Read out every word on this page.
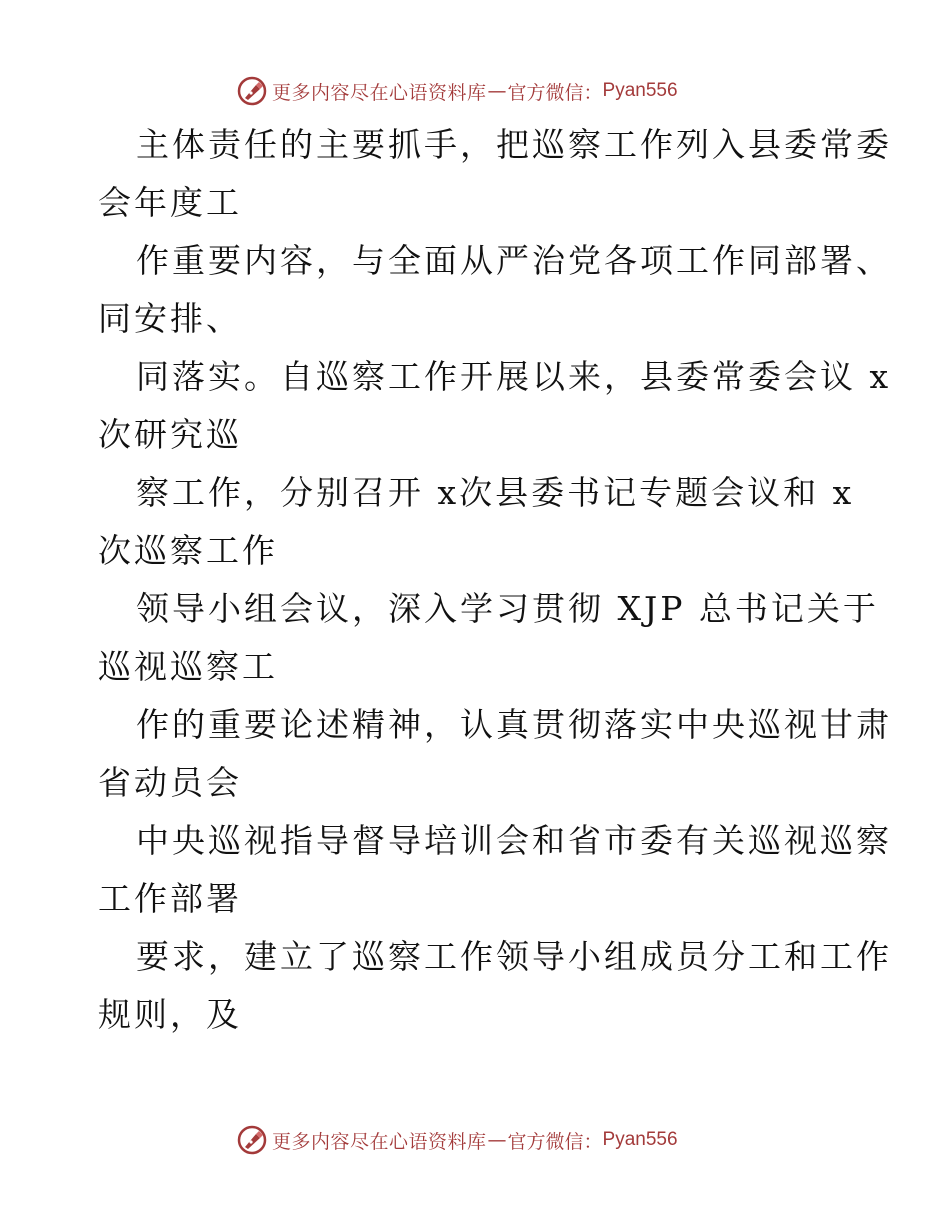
更多内容尽在心语资料库 — 官方微信： Pyan556
主体责任的主要抓手，把巡察工作列入县委常委
会年度工
作重要内容，与全面从严治党各项工作同部署、
同安排、
同落实。自巡察工作开展以来，县委常委会议 x
次研究巡
察工作，分别召开 x次县委书记专题会议和 x
次巡察工作
领导小组会议，深入学习贯彻 XJP 总书记关于
巡视巡察工
作的重要论述精神，认真贯彻落实中央巡视甘肃
省动员会
中央巡视指导督导培训会和省市委有关巡视巡察
工作部署
要求，建立了巡察工作领导小组成员分工和工作
规则，及
更多内容尽在心语资料库 — 官方微信： Pyan556
